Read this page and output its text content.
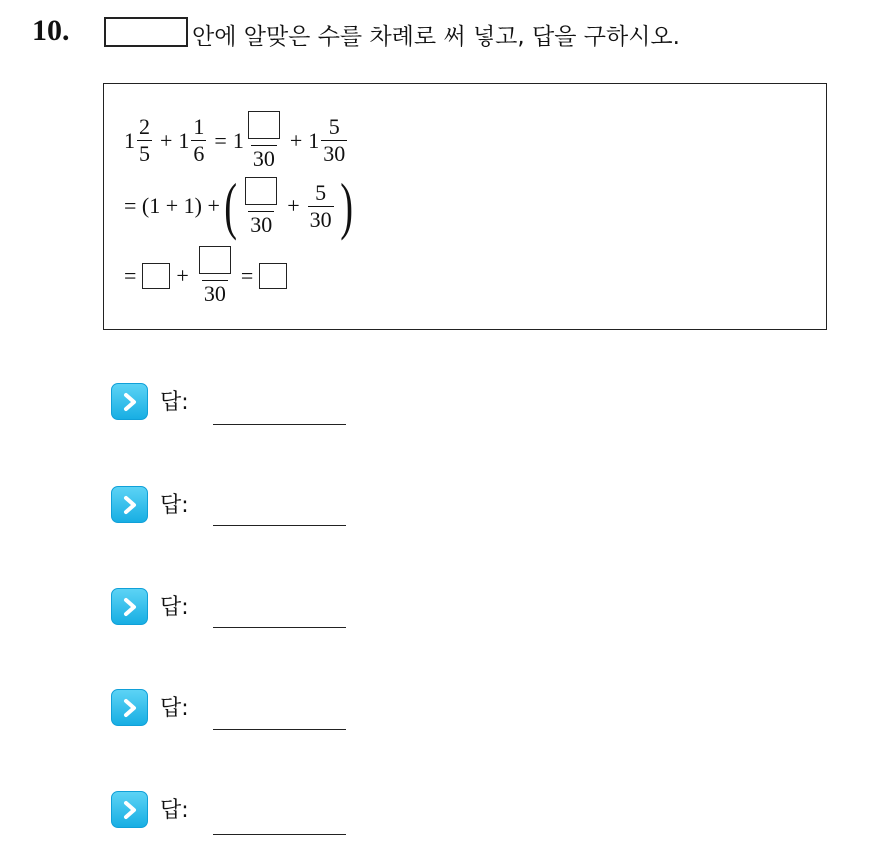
10.	안에 알맞은 수를 차례로 써 넣고, 답을 구하시오.
$1 \frac{2}{5} + 1 \frac{1}{6} = 1$
30
+ $1 \frac{5}{30}$
= (1 + 1) + ( 30
+ $\frac{5}{30}$ )
= +
30
=
답:
답:
답:
답:
답:
